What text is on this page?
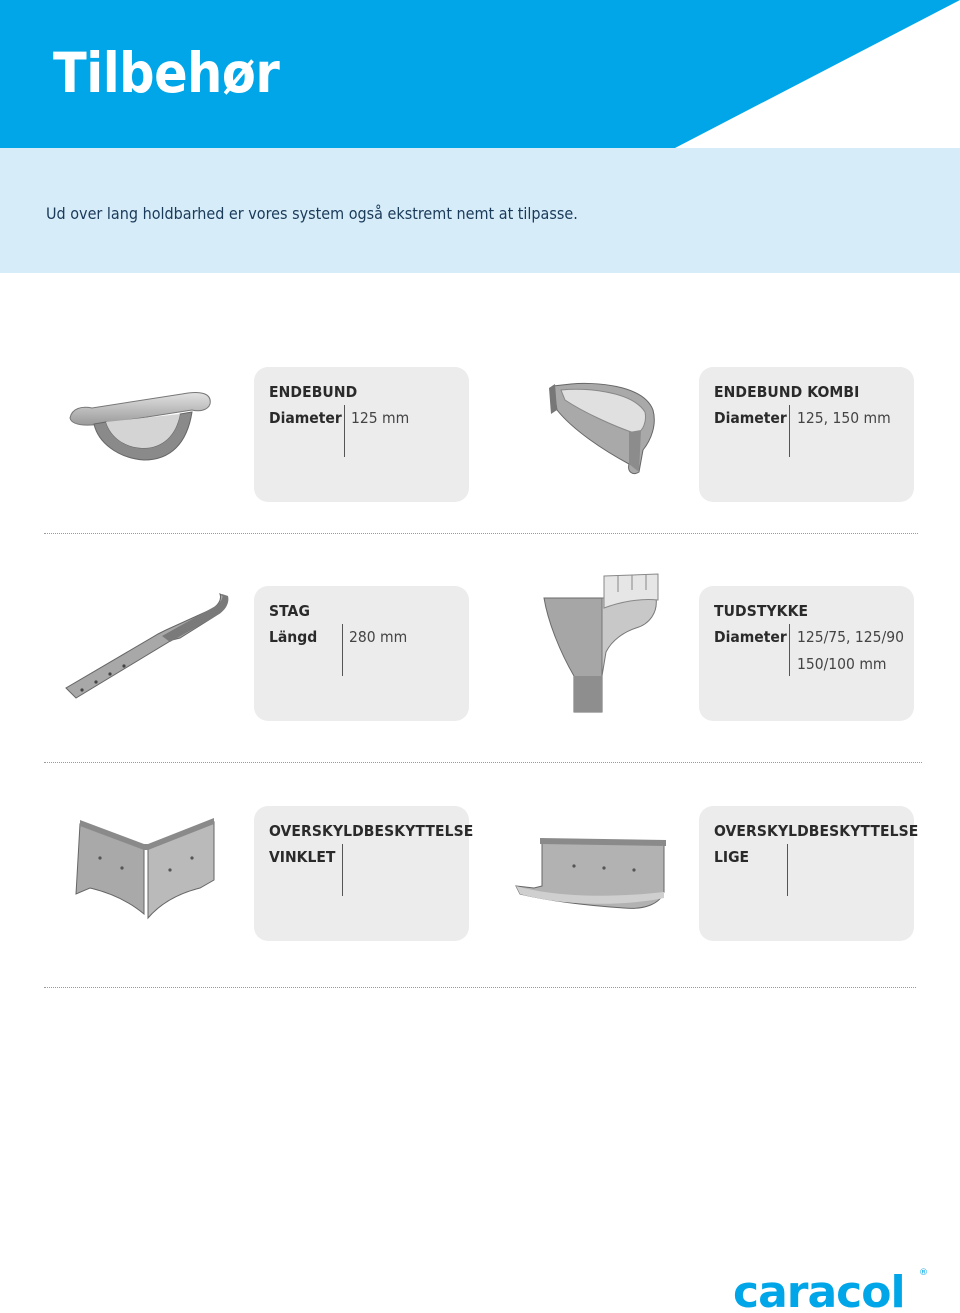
Tilbehør
Ud over lang holdbarhed er vores system også ekstremt nemt at tilpasse.
ENDEBUND
Diameter 125 mm
ENDEBUND KOMBI
Diameter 125, 150 mm
STAG
Längd 280 mm
TUDSTYKKE
Diameter 125/75, 125/90
150/100 mm
OVERSKYLDBESKYTTELSE
VINKLET
OVERSKYLDBESKYTTELSE
LIGE
caracol ®
